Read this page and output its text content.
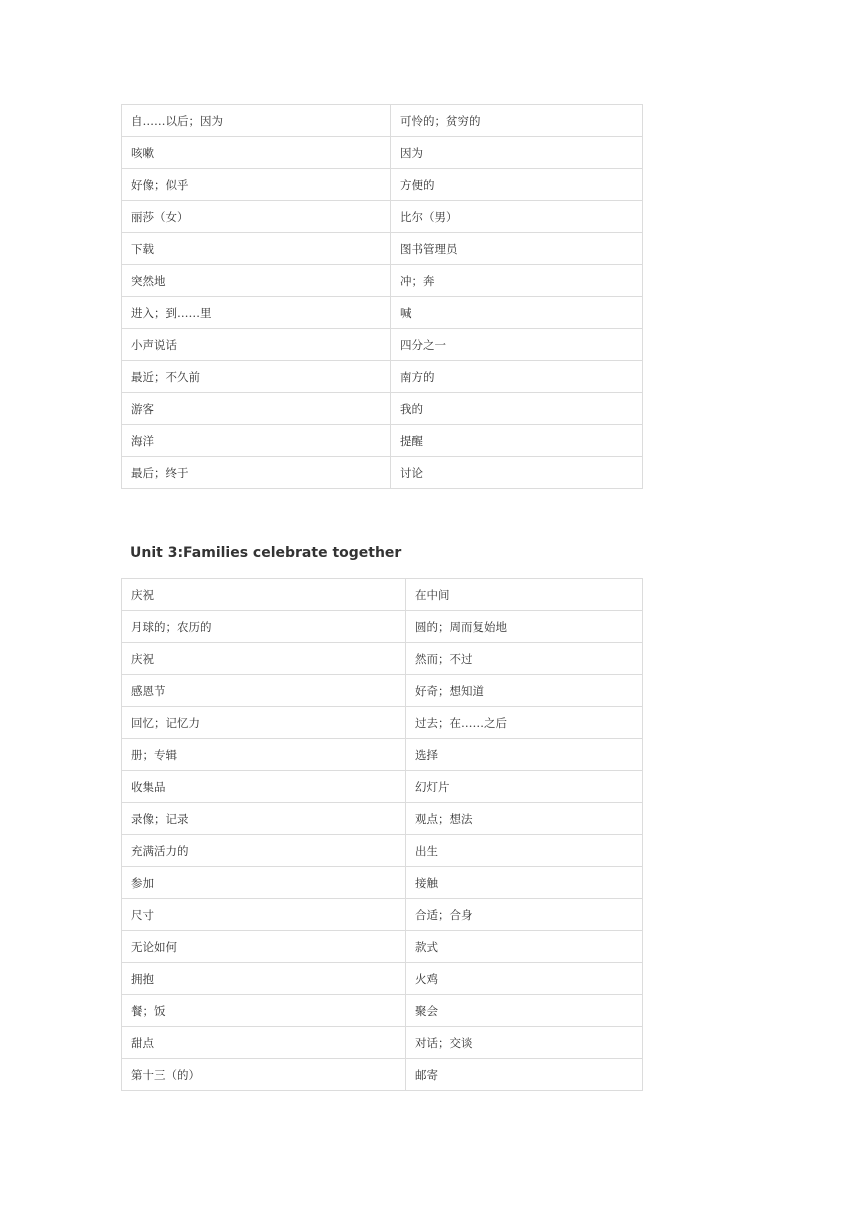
自……以后；因为	可怜的；贫穷的
咳嗽	因为
好像；似乎	方便的
丽莎（女）	比尔（男）
下载	图书管理员
突然地	冲；奔
进入；到……里	喊
小声说话	四分之一
最近；不久前	南方的
游客	我的
海洋	提醒
最后；终于	讨论
Unit 3:Families celebrate together
庆祝	在中间
月球的；农历的	圆的；周而复始地
庆祝	然而；不过
感恩节	好奇；想知道
回忆；记忆力	过去；在……之后
册；专辑	选择
收集品	幻灯片
录像；记录	观点；想法
充满活力的	出生
参加	接触
尺寸	合适；合身
无论如何	款式
拥抱	火鸡
餐；饭	聚会
甜点	对话；交谈
第十三（的）	邮寄
